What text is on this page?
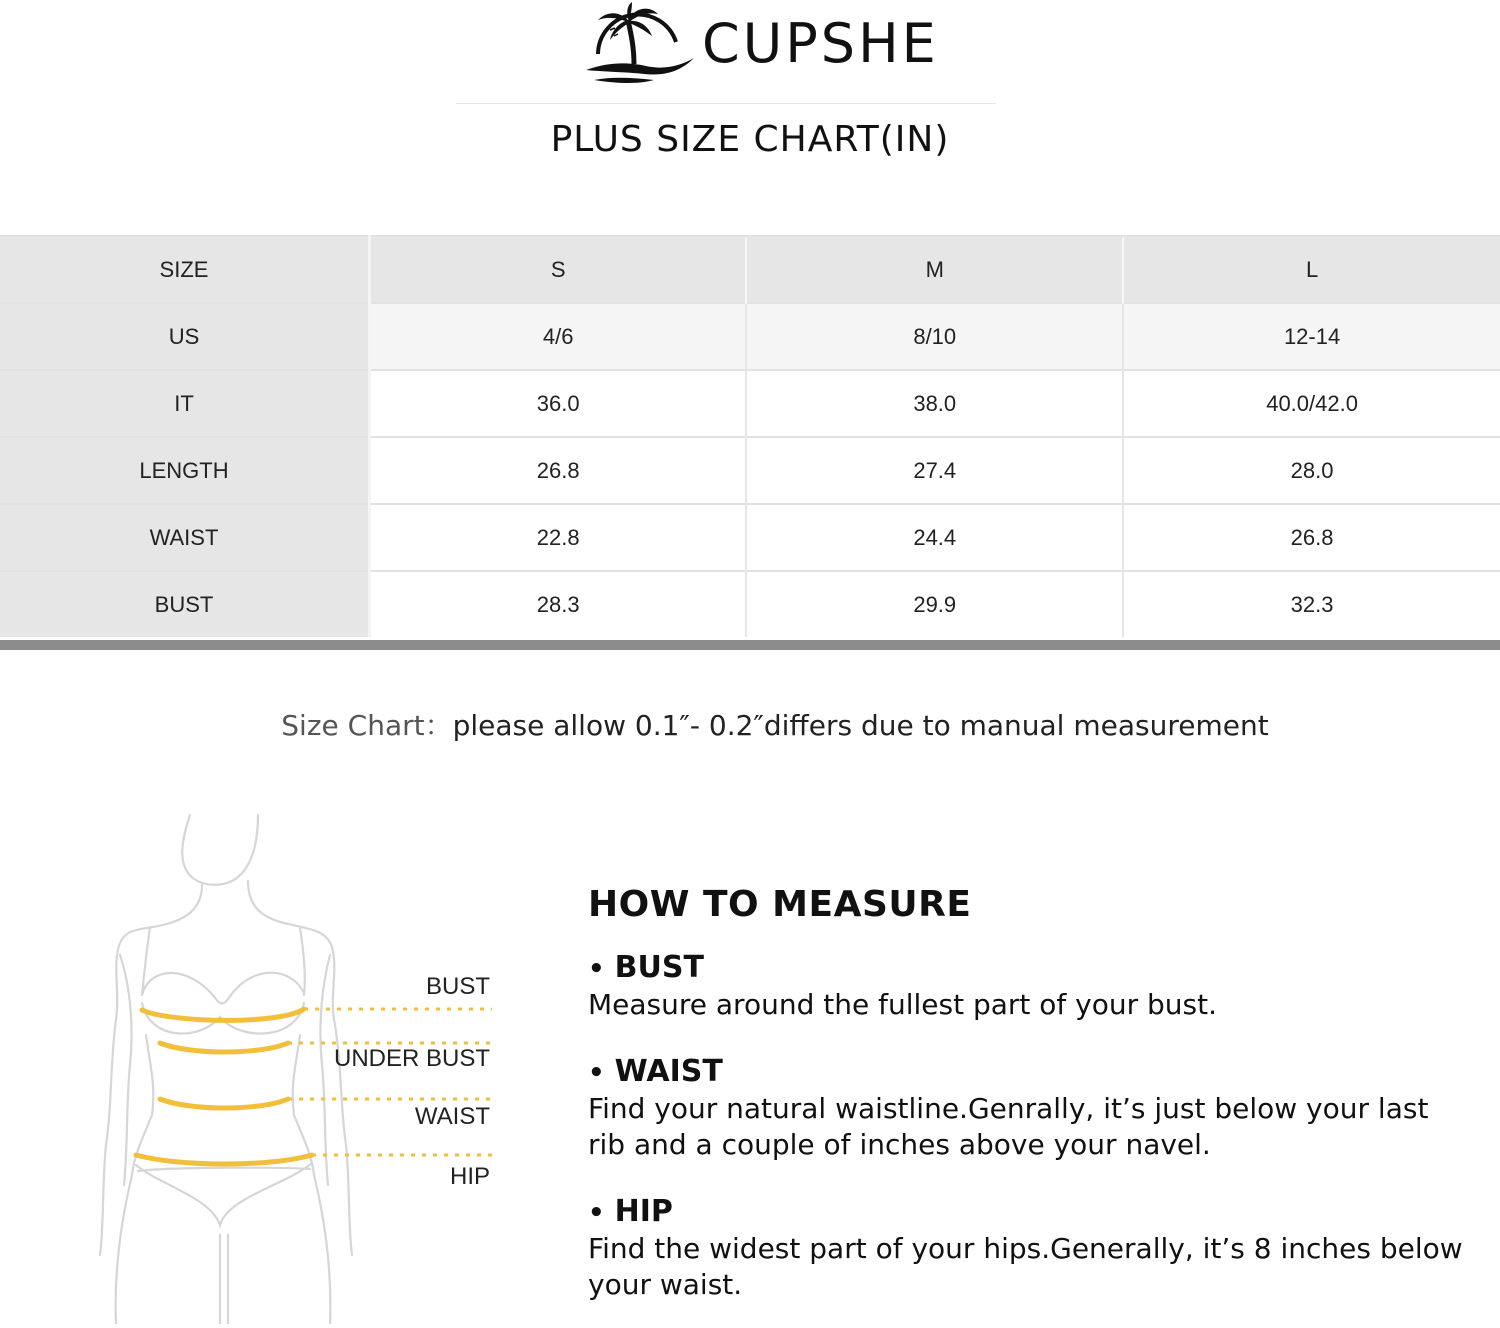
CUPSHE
PLUS SIZE CHART(IN)
SIZE	S	M	L
US	4/6	8/10	12-14
IT	36.0	38.0	40.0/42.0
LENGTH	26.8	27.4	28.0
WAIST	22.8	24.4	26.8
BUST	28.3	29.9	32.3
Size Chart：please allow 0.1″- 0.2″differs due to manual measurement
BUST
UNDER BUST
WAIST
HIP
HOW TO MEASURE
• BUST
Measure around the fullest part of your bust.
• WAIST
Find your natural waistline.Genrally, it’s just below your last rib and a couple of inches above your navel.
• HIP
Find the widest part of your hips.Generally, it’s 8 inches below your waist.
